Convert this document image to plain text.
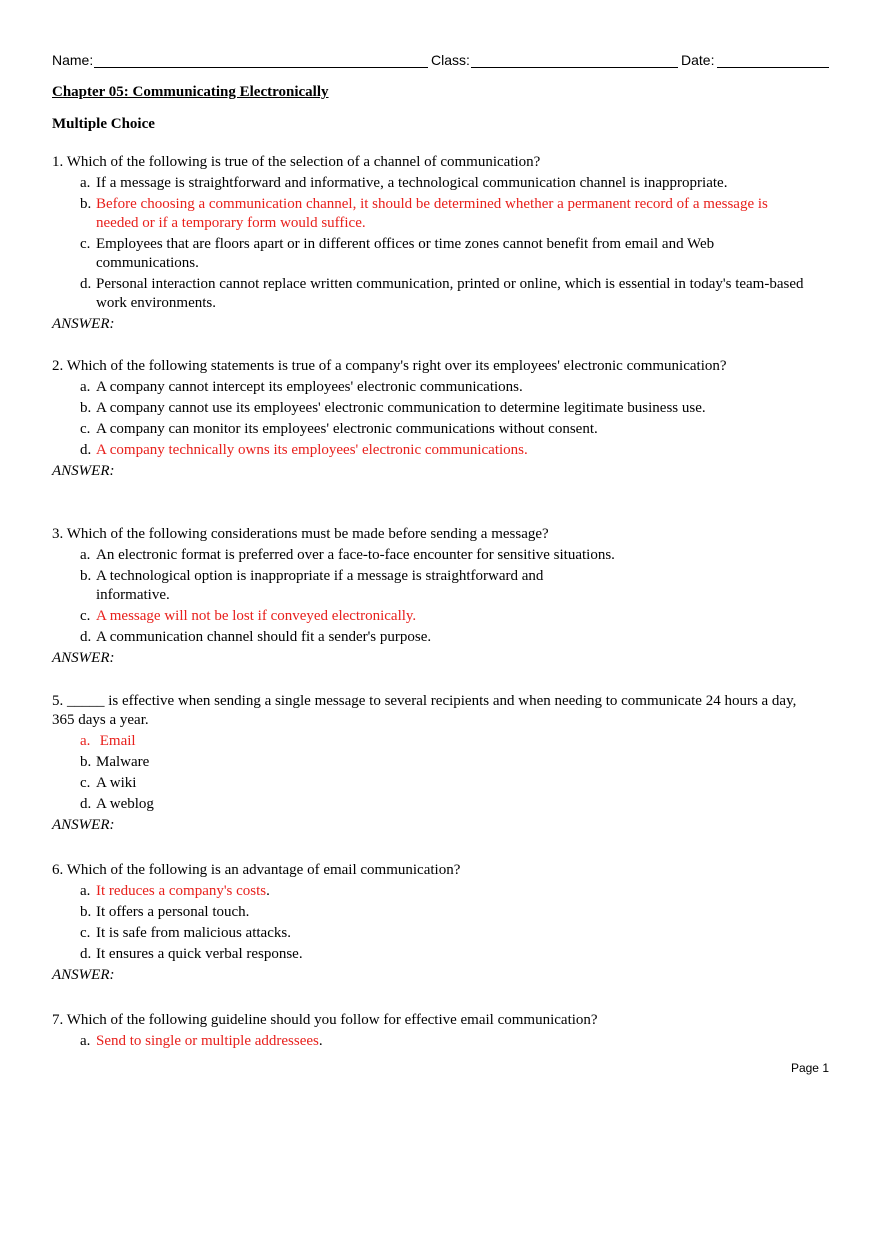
Name:	Class:	Date:
Chapter 05: Communicating Electronically
Multiple Choice
1. Which of the following is true of the selection of a channel of communication?
a. If a message is straightforward and informative, a technological communication channel is inappropriate.
b. Before choosing a communication channel, it should be determined whether a permanent record of a message is needed or if a temporary form would suffice.
c. Employees that are floors apart or in different offices or time zones cannot benefit from email and Web communications.
d. Personal interaction cannot replace written communication, printed or online, which is essential in today's team-based work environments.
ANSWER:
2. Which of the following statements is true of a company's right over its employees' electronic communication?
a. A company cannot intercept its employees' electronic communications.
b. A company cannot use its employees' electronic communication to determine legitimate business use.
c. A company can monitor its employees' electronic communications without consent.
d. A company technically owns its employees' electronic communications.
ANSWER:
3. Which of the following considerations must be made before sending a message?
a. An electronic format is preferred over a face-to-face encounter for sensitive situations.
b. A technological option is inappropriate if a message is straightforward and informative.
c. A message will not be lost if conveyed electronically.
d. A communication channel should fit a sender's purpose.
ANSWER:
5. _____ is effective when sending a single message to several recipients and when needing to communicate 24 hours a day, 365 days a year.
a. Email
b. Malware
c. A wiki
d. A weblog
ANSWER:
6. Which of the following is an advantage of email communication?
a. It reduces a company's costs.
b. It offers a personal touch.
c. It is safe from malicious attacks.
d. It ensures a quick verbal response.
ANSWER:
7. Which of the following guideline should you follow for effective email communication?
a. Send to single or multiple addressees.
Page 1
